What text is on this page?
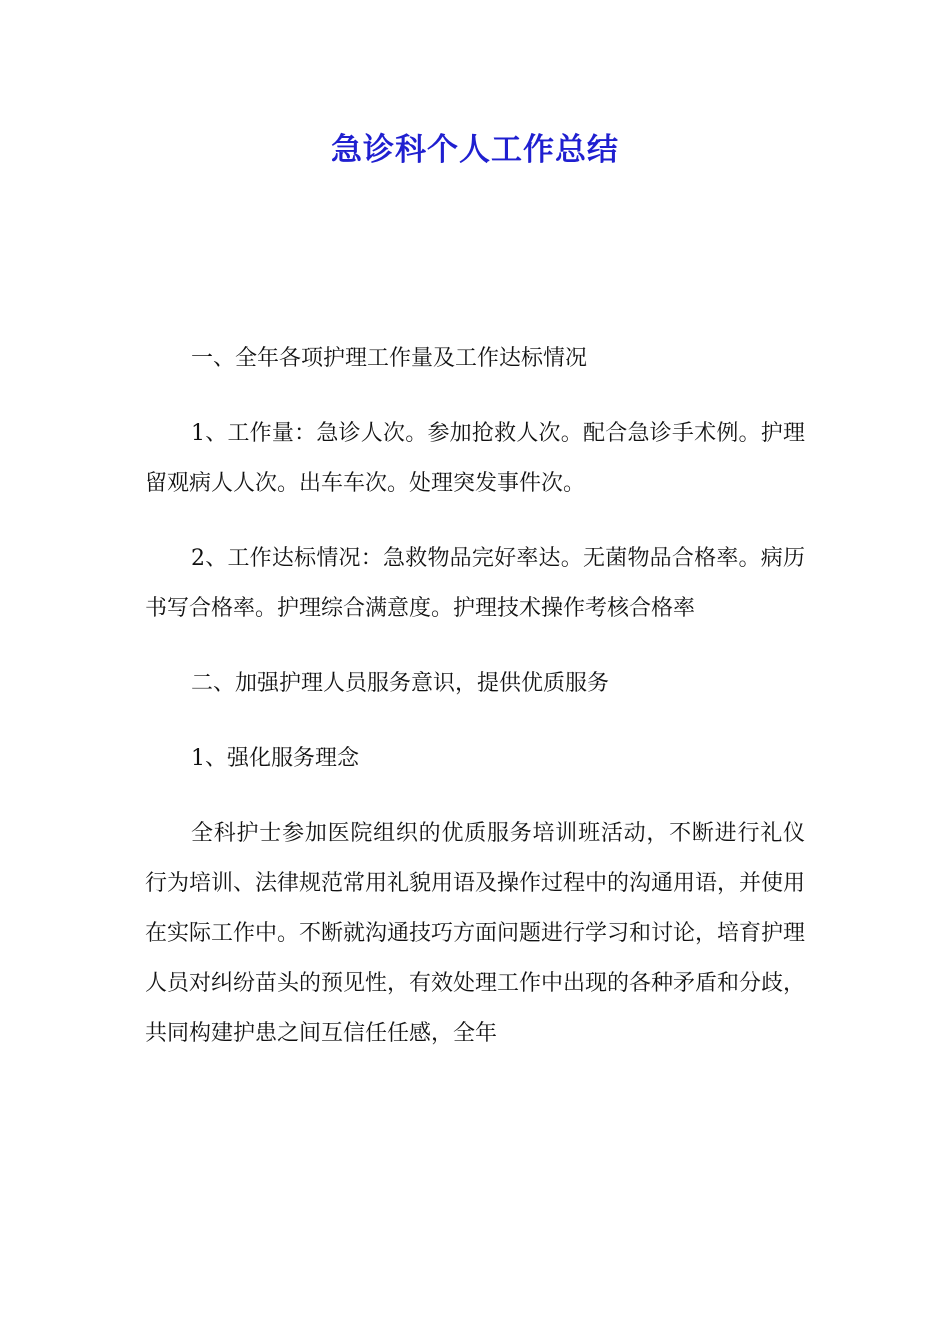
急诊科个人工作总结

一、全年各项护理工作量及工作达标情况

1、工作量：急诊人次。参加抢救人次。配合急诊手术例。护理留观病人人次。出车车次。处理突发事件次。

2、工作达标情况：急救物品完好率达。无菌物品合格率。病历书写合格率。护理综合满意度。护理技术操作考核合格率

二、加强护理人员服务意识，提供优质服务

1、强化服务理念

全科护士参加医院组织的优质服务培训班活动，不断进行礼仪行为培训、法律规范常用礼貌用语及操作过程中的沟通用语，并使用在实际工作中。不断就沟通技巧方面问题进行学习和讨论，培育护理人员对纠纷苗头的预见性，有效处理工作中出现的各种矛盾和分歧，共同构建护患之间互信任任感，全年
